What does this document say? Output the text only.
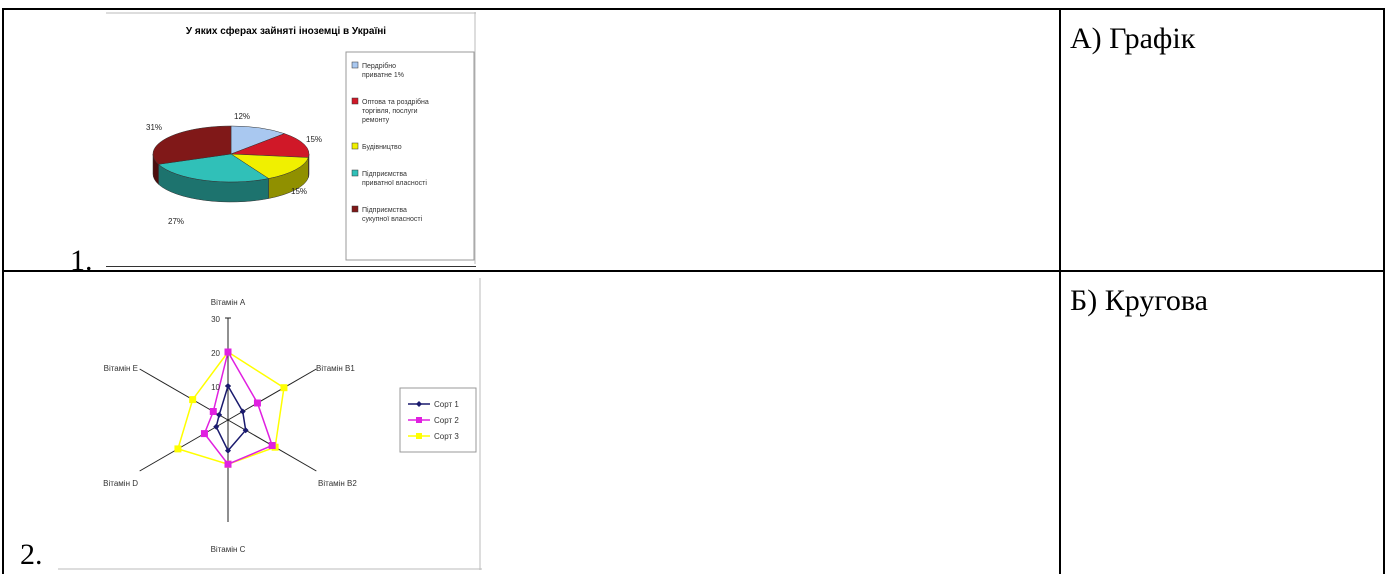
1.
А) Графік
У яких сферах зайняті іноземці в Україні
12%
15%
15%
27%
31%
Пердрібно приватне 1%
Оптова та роздрібна торгівля, послуги ремонту
Будівництво
Підприємства приватної власності
Підприємства сукупної власності
2.
Б) Кругова
Вітамін А
Вітамін В1
Вітамін В2
Вітамін С
Вітамін D
Вітамін Е
30
20
10
Сорт 1
Сорт 2
Сорт 3
